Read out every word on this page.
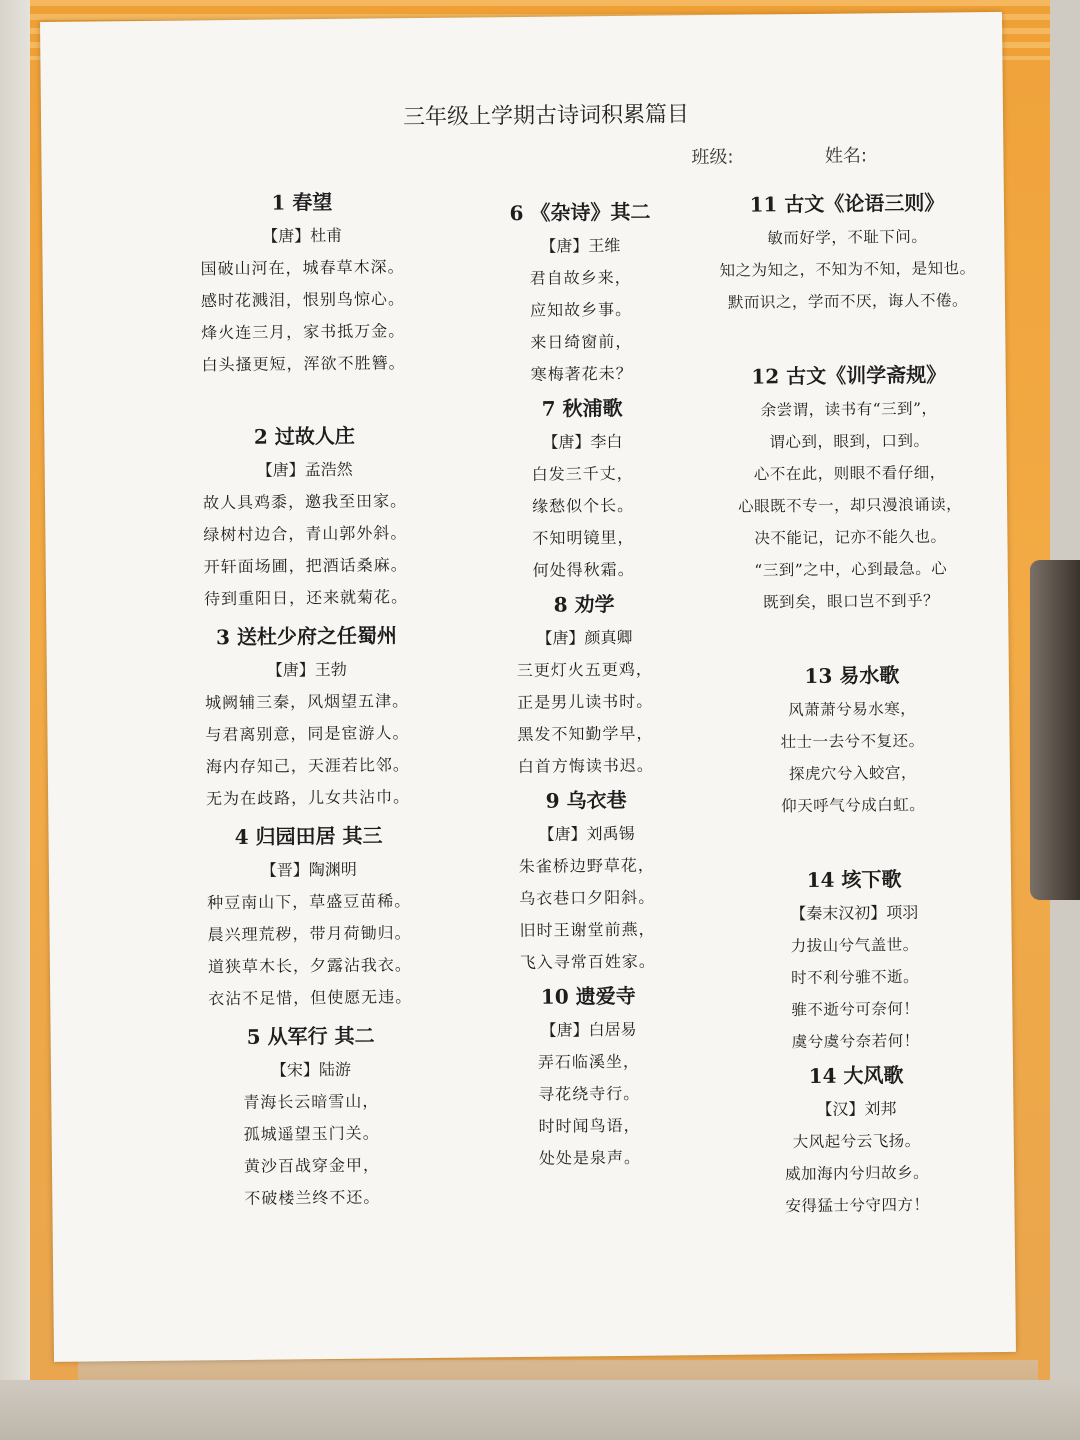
三年级上学期古诗词积累篇目
班级:	姓名:
1 春望
【唐】杜甫
国破山河在，城春草木深。
感时花溅泪，恨别鸟惊心。
烽火连三月，家书抵万金。
白头搔更短，浑欲不胜簪。
2 过故人庄
【唐】孟浩然
故人具鸡黍，邀我至田家。
绿树村边合，青山郭外斜。
开轩面场圃，把酒话桑麻。
待到重阳日，还来就菊花。
3 送杜少府之任蜀州
【唐】王勃
城阙辅三秦，风烟望五津。
与君离别意，同是宦游人。
海内存知己，天涯若比邻。
无为在歧路，儿女共沾巾。
4 归园田居 其三
【晋】陶渊明
种豆南山下，草盛豆苗稀。
晨兴理荒秽，带月荷锄归。
道狭草木长，夕露沾我衣。
衣沾不足惜，但使愿无违。
5 从军行 其二
【宋】陆游
青海长云暗雪山，
孤城遥望玉门关。
黄沙百战穿金甲，
不破楼兰终不还。
6 《杂诗》其二
【唐】王维
君自故乡来，
应知故乡事。
来日绮窗前，
寒梅著花未？
7 秋浦歌
【唐】李白
白发三千丈，
缘愁似个长。
不知明镜里，
何处得秋霜。
8 劝学
【唐】颜真卿
三更灯火五更鸡，
正是男儿读书时。
黑发不知勤学早，
白首方悔读书迟。
9 乌衣巷
【唐】刘禹锡
朱雀桥边野草花，
乌衣巷口夕阳斜。
旧时王谢堂前燕，
飞入寻常百姓家。
10 遗爱寺
【唐】白居易
弄石临溪坐，
寻花绕寺行。
时时闻鸟语，
处处是泉声。
11 古文《论语三则》
敏而好学，不耻下问。
知之为知之，不知为不知，是知也。
默而识之，学而不厌，诲人不倦。
12 古文《训学斋规》
余尝谓，读书有“三到”，
谓心到，眼到，口到。
心不在此，则眼不看仔细，
心眼既不专一，却只漫浪诵读，
决不能记，记亦不能久也。
“三到”之中，心到最急。心
既到矣，眼口岂不到乎？
13 易水歌
风萧萧兮易水寒，
壮士一去兮不复还。
探虎穴兮入蛟宫，
仰天呼气兮成白虹。
14 垓下歌
【秦末汉初】项羽
力拔山兮气盖世。
时不利兮骓不逝。
骓不逝兮可奈何！
虞兮虞兮奈若何！
14 大风歌
【汉】刘邦
大风起兮云飞扬。
威加海内兮归故乡。
安得猛士兮守四方！
